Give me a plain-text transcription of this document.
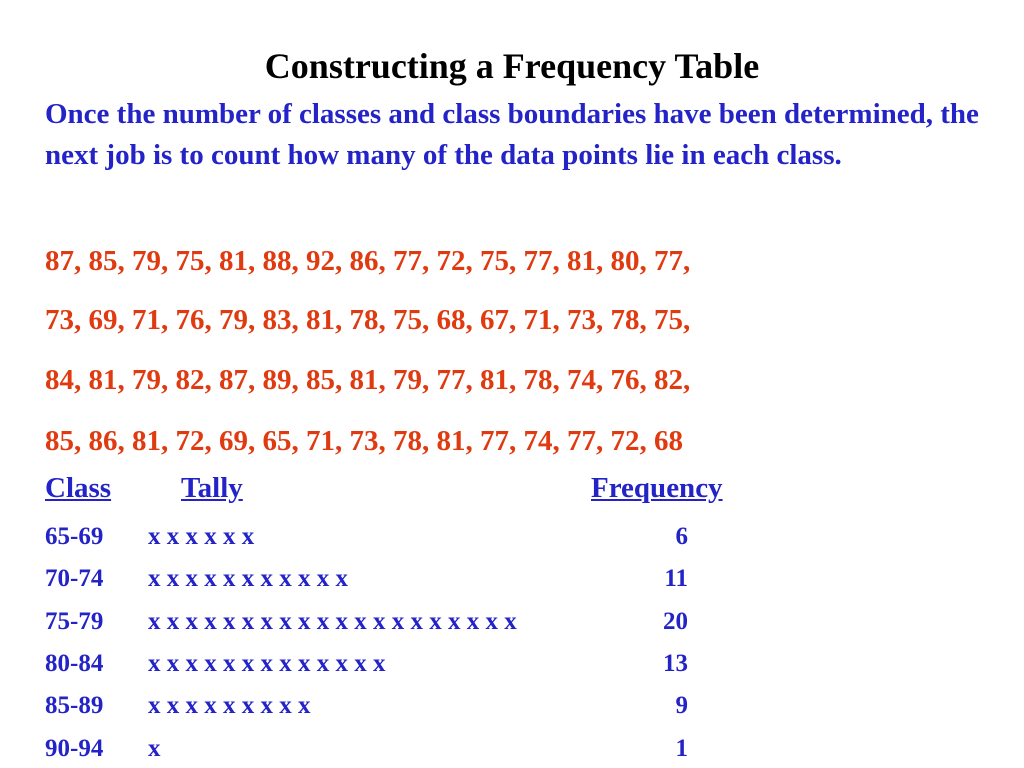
Constructing a Frequency Table
Once the number of classes and class boundaries have been determined, the next job is to count how many of the data points lie in each class.
87, 85, 79, 75, 81, 88, 92, 86, 77, 72, 75, 77, 81, 80, 77,
73, 69, 71, 76, 79, 83, 81, 78, 75, 68, 67, 71, 73, 78, 75,
84, 81, 79, 82, 87, 89, 85, 81, 79, 77, 81, 78, 74, 76, 82,
85, 86, 81, 72, 69, 65, 71, 73, 78, 81, 77, 74, 77, 72, 68
Class Tally	Frequency
65-69 x x x x x x	6
70-74 x x x x x x x x x x x	11
75-79 x x x x x x x x x x x x x x x x x x x x	20
80-84 x x x x x x x x x x x x x	13
85-89 x x x x x x x x x	9
90-94 x	1
